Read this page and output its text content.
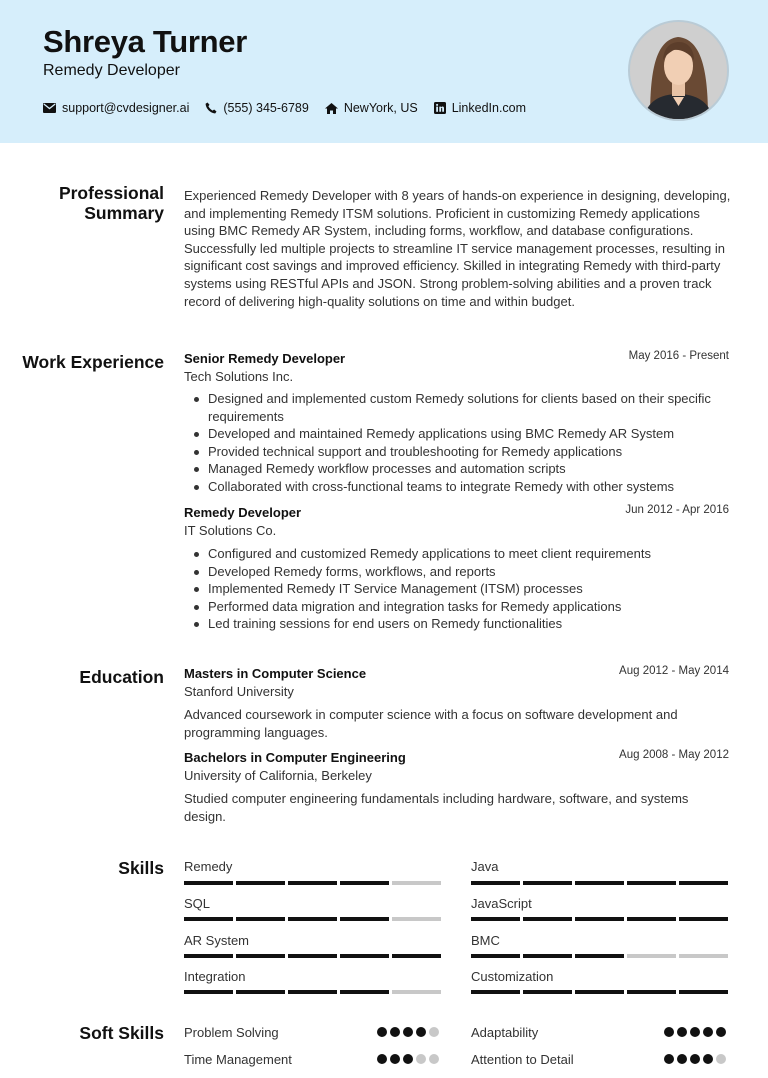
Shreya Turner
Remedy Developer
support@cvdesigner.ai	(555) 345-6789	NewYork, US	LinkedIn.com
Professional Summary
Experienced Remedy Developer with 8 years of hands-on experience in designing, developing, and implementing Remedy ITSM solutions. Proficient in customizing Remedy applications using BMC Remedy AR System, including forms, workflow, and database configurations. Successfully led multiple projects to streamline IT service management processes, resulting in significant cost savings and improved efficiency. Skilled in integrating Remedy with third-party systems using RESTful APIs and JSON. Strong problem-solving abilities and a proven track record of delivering high-quality solutions on time and within budget.
Work Experience Senior Remedy Developer	May 2016 - Present
Tech Solutions Inc.
Designed and implemented custom Remedy solutions for clients based on their specific requirements
Developed and maintained Remedy applications using BMC Remedy AR System
Provided technical support and troubleshooting for Remedy applications
Managed Remedy workflow processes and automation scripts
Collaborated with cross-functional teams to integrate Remedy with other systems
Remedy Developer	Jun 2012 - Apr 2016
IT Solutions Co.
Configured and customized Remedy applications to meet client requirements
Developed Remedy forms, workflows, and reports
Implemented Remedy IT Service Management (ITSM) processes
Performed data migration and integration tasks for Remedy applications
Led training sessions for end users on Remedy functionalities
Education Masters in Computer Science	Aug 2012 - May 2014
Stanford University
Advanced coursework in computer science with a focus on software development and programming languages.
Bachelors in Computer Engineering	Aug 2008 - May 2012
University of California, Berkeley
Studied computer engineering fundamentals including hardware, software, and systems design.
Skills Remedy	Java
SQL	JavaScript
AR System	BMC
Integration	Customization
Soft Skills Problem Solving	Adaptability
Time Management	Attention to Detail
